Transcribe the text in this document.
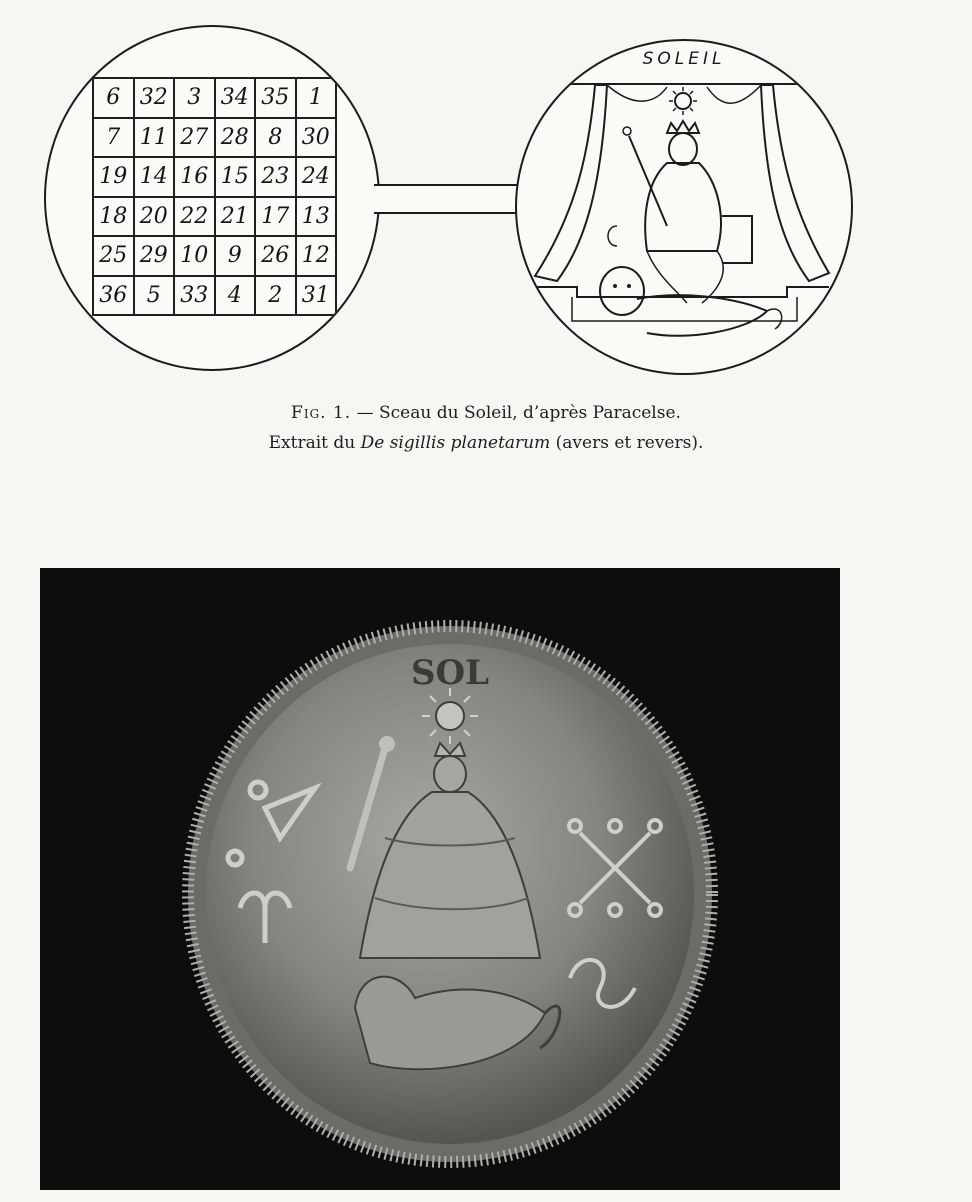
6	32	3	34	35	1
7	11	27	28	8	30
19	14	16	15	23	24
18	20	22	21	17	13
25	29	10	9	26	12
36	5	33	4	2	31
SOLEIL
Fig. 1. — Sceau du Soleil, d’après Paracelse.
Extrait du De sigillis planetarum (avers et revers).
SOL
